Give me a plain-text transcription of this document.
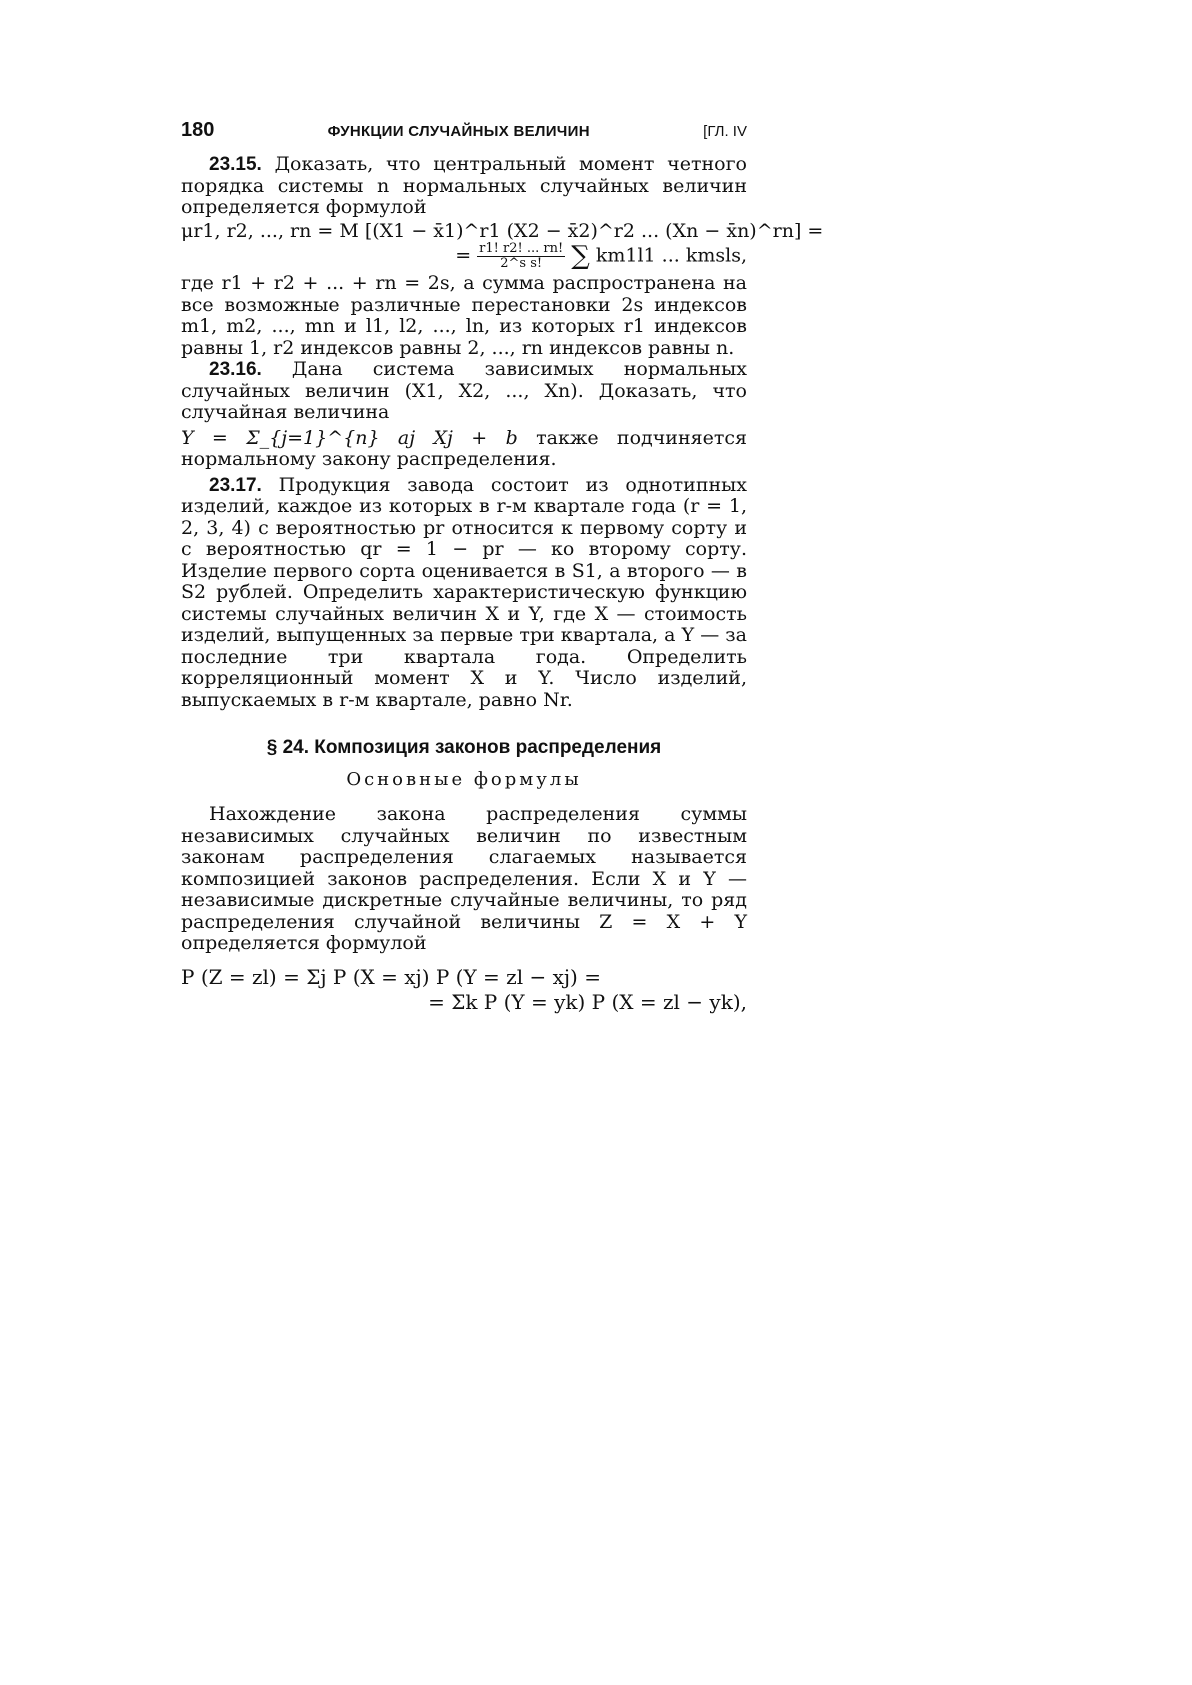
180	ФУНКЦИИ СЛУЧАЙНЫХ ВЕЛИЧИН	[ГЛ. IV

23.15. Доказать, что центральный момент четного порядка системы n нормальных случайных величин определяется формулой

μr1, r2, ..., rn = M [(X1 − x̄1)^r1 (X2 − x̄2)^r2 ... (Xn − x̄n)^rn] =
= $\frac{r1! r2! ... rn!}{\text{2\textasciicircum{}s s!}}$ ∑ km1l1 ... kmsls,

где r1 + r2 + ... + rn = 2s, а сумма распространена на все возможные различные перестановки 2s индексов m1, m2, ..., mn и l1, l2, ..., ln, из которых r1 индексов равны 1, r2 индексов равны 2, ..., rn индексов равны n.

23.16. Дана система зависимых нормальных случайных величин (X1, X2, ..., Xn). Доказать, что случайная величина

Y = Σ_{j=1}^{n} aj Xj + b также подчиняется нормальному закону распределения.

23.17. Продукция завода состоит из однотипных изделий, каждое из которых в r-м квартале года (r = 1, 2, 3, 4) с вероятностью pr относится к первому сорту и с вероятностью qr = 1 − pr — ко второму сорту. Изделие первого сорта оценивается в S1, а второго — в S2 рублей. Определить характеристическую функцию системы случайных величин X и Y, где X — стоимость изделий, выпущенных за первые три квартала, а Y — за последние три квартала года. Определить корреляционный момент X и Y. Число изделий, выпускаемых в r-м квартале, равно Nr.

§ 24. Композиция законов распределения
Основные формулы

Нахождение закона распределения суммы независимых случайных величин по известным законам распределения слагаемых называется композицией законов распределения. Если X и Y — независимые дискретные случайные величины, то ряд распределения случайной величины Z = X + Y определяется формулой

P (Z = zl) = Σj P (X = xj) P (Y = zl − xj) =
= Σk P (Y = yk) P (X = zl − yk),
